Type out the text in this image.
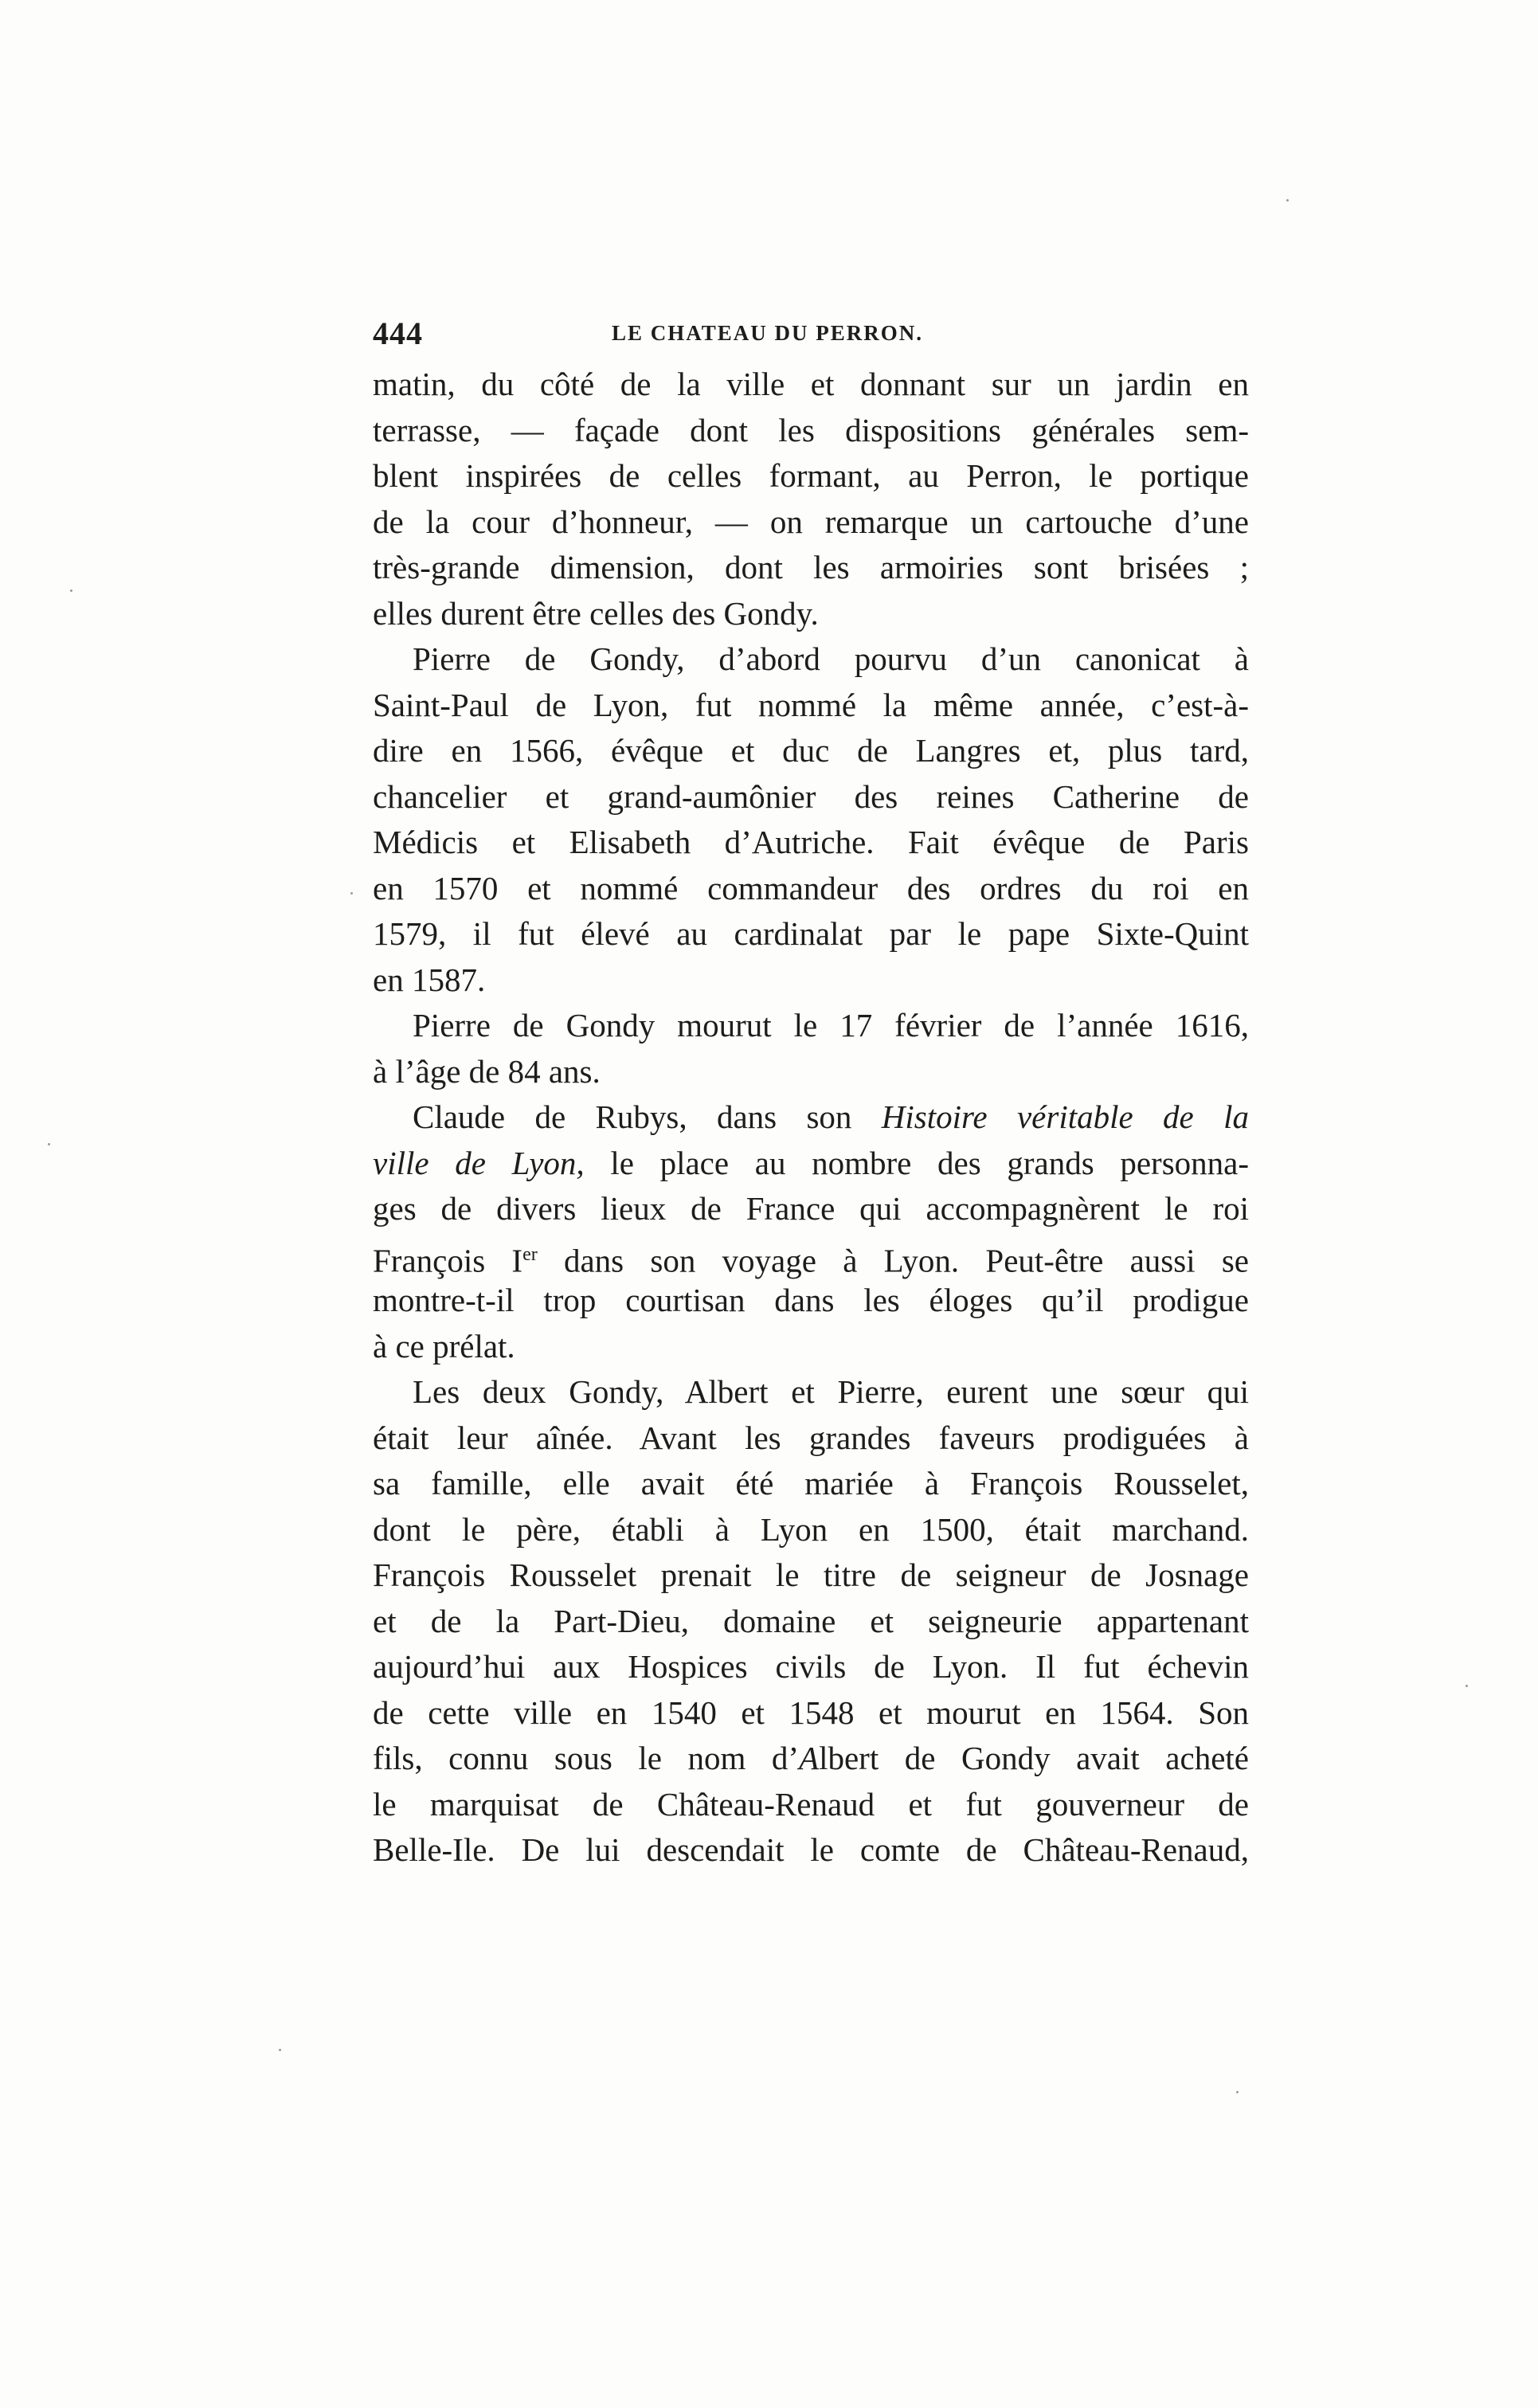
444	LE CHATEAU DU PERRON.
matin, du côté de la ville et donnant sur un jardin en
terrasse, — façade dont les dispositions générales sem-
blent inspirées de celles formant, au Perron, le portique
de la cour d’honneur, — on remarque un cartouche d’une
très-grande dimension, dont les armoiries sont brisées ;
elles durent être celles des Gondy.
Pierre de Gondy, d’abord pourvu d’un canonicat à
Saint-Paul de Lyon, fut nommé la même année, c’est-à-
dire en 1566, évêque et duc de Langres et, plus tard,
chancelier et grand-aumônier des reines Catherine de
Médicis et Elisabeth d’Autriche. Fait évêque de Paris
en 1570 et nommé commandeur des ordres du roi en
1579, il fut élevé au cardinalat par le pape Sixte-Quint
en 1587.
Pierre de Gondy mourut le 17 février de l’année 1616,
à l’âge de 84 ans.
Claude de Rubys, dans son Histoire véritable de la
ville de Lyon, le place au nombre des grands personna-
ges de divers lieux de France qui accompagnèrent le roi
François Ier dans son voyage à Lyon. Peut-être aussi se
montre-t-il trop courtisan dans les éloges qu’il prodigue
à ce prélat.
Les deux Gondy, Albert et Pierre, eurent une sœur qui
était leur aînée. Avant les grandes faveurs prodiguées à
sa famille, elle avait été mariée à François Rousselet,
dont le père, établi à Lyon en 1500, était marchand.
François Rousselet prenait le titre de seigneur de Josnage
et de la Part-Dieu, domaine et seigneurie appartenant
aujourd’hui aux Hospices civils de Lyon. Il fut échevin
de cette ville en 1540 et 1548 et mourut en 1564. Son
fils, connu sous le nom d’Albert de Gondy avait acheté
le marquisat de Château-Renaud et fut gouverneur de
Belle-Ile. De lui descendait le comte de Château-Renaud,
